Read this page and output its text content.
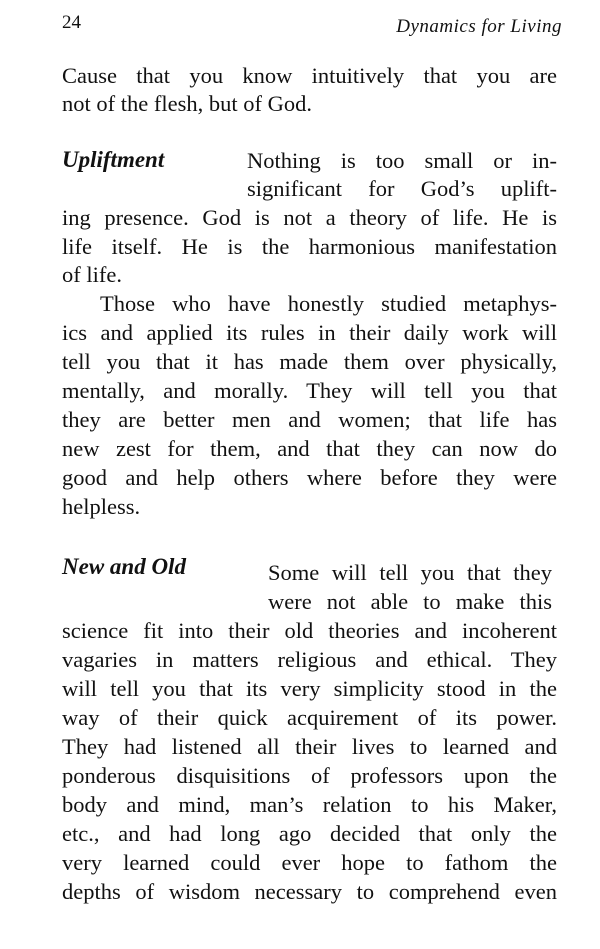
24	Dynamics for Living
Cause that you know intuitively that you are
not of the flesh, but of God.
Upliftment	Nothing is too small or in-
significant for God’s uplift-
ing presence. God is not a theory of life. He is
life itself. He is the harmonious manifestation
of life.
Those who have honestly studied metaphys-
ics and applied its rules in their daily work will
tell you that it has made them over physically,
mentally, and morally. They will tell you that
they are better men and women; that life has
new zest for them, and that they can now do
good and help others where before they were
helpless.
New and Old	Some will tell you that they
were not able to make this
science fit into their old theories and incoherent
vagaries in matters religious and ethical. They
will tell you that its very simplicity stood in the
way of their quick acquirement of its power.
They had listened all their lives to learned and
ponderous disquisitions of professors upon the
body and mind, man’s relation to his Maker,
etc., and had long ago decided that only the
very learned could ever hope to fathom the
depths of wisdom necessary to comprehend even
